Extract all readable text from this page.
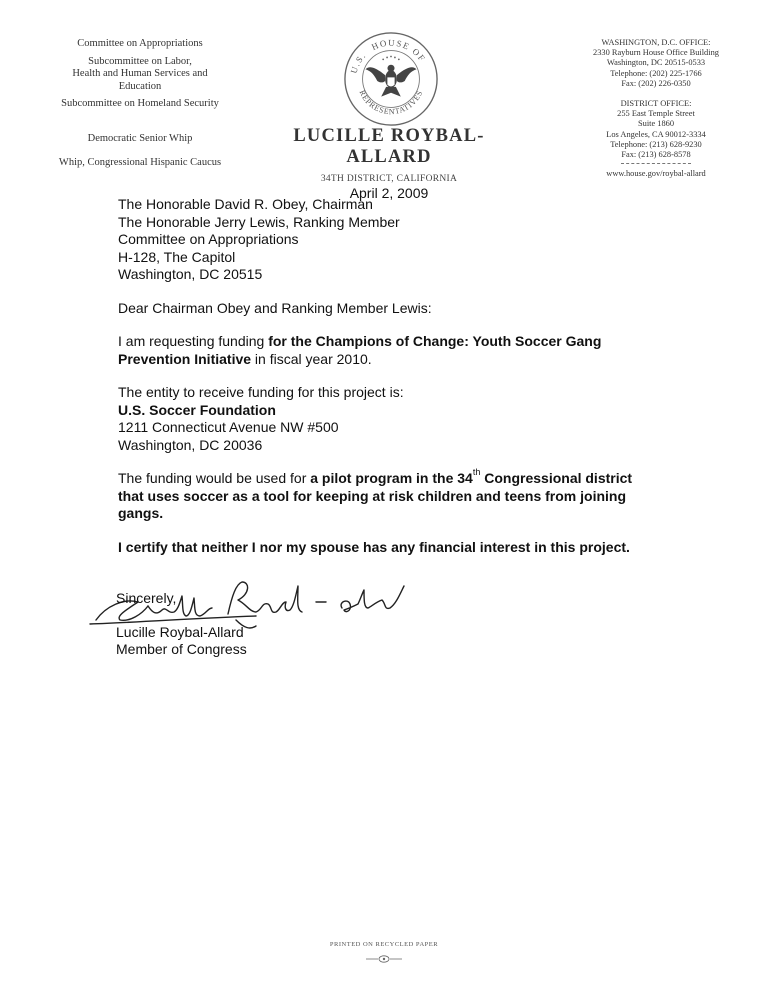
Committee on Appropriations
Subcommittee on Labor,
Health and Human Services and
Education
Subcommittee on Homeland Security
Democratic Senior Whip
Whip, Congressional Hispanic Caucus
HOUSE OF
U.S.
REPRESENTATIVES
LUCILLE ROYBAL-ALLARD
34TH DISTRICT, CALIFORNIA
April 2, 2009
WASHINGTON, D.C. OFFICE:
2330 Rayburn House Office Building
Washington, DC 20515-0533
Telephone: (202) 225-1766
Fax: (202) 226-0350
DISTRICT OFFICE:
255 East Temple Street
Suite 1860
Los Angeles, CA 90012-3334
Telephone: (213) 628-9230
Fax: (213) 628-8578
www.house.gov/roybal-allard

The Honorable David R. Obey, Chairman

The Honorable Jerry Lewis, Ranking Member

Committee on Appropriations

H-128, The Capitol

Washington, DC 20515

Dear Chairman Obey and Ranking Member Lewis:

I am requesting funding for the Champions of Change: Youth Soccer Gang Prevention Initiative in fiscal year 2010.

The entity to receive funding for this project is:

U.S. Soccer Foundation

1211 Connecticut Avenue NW #500

Washington, DC 20036

The funding would be used for a pilot program in the 34th Congressional district that uses soccer as a tool for keeping at risk children and teens from joining gangs.

I certify that neither I nor my spouse has any financial interest in this project.

Sincerely,
Lucille Roybal-Allard
Member of Congress
PRINTED ON RECYCLED PAPER
